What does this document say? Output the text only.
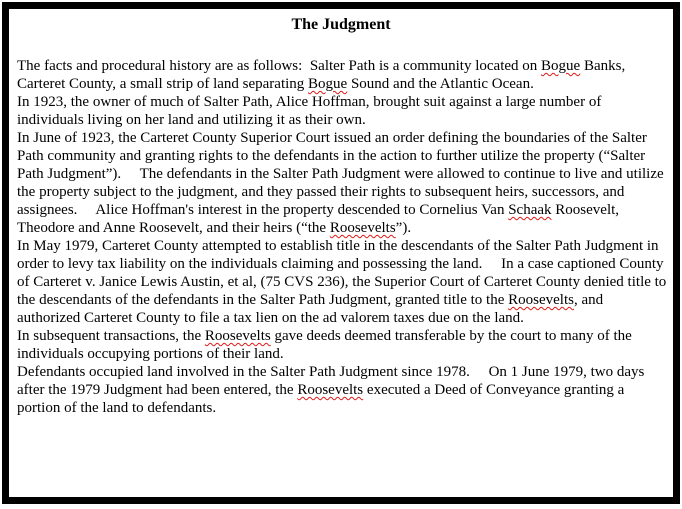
The Judgment

The facts and procedural history are as follows:  Salter Path is a community located on Bogue Banks, Carteret County, a small strip of land separating Bogue Sound and the Atlantic Ocean.

In 1923, the owner of much of Salter Path, Alice Hoffman, brought suit against a large number of individuals living on her land and utilizing it as their own.

In June of 1923, the Carteret County Superior Court issued an order defining the boundaries of the Salter Path community and granting rights to the defendants in the action to further utilize the property (“Salter Path Judgment”).     The defendants in the Salter Path Judgment were allowed to continue to live and utilize the property subject to the judgment, and they passed their rights to subsequent heirs, successors, and assignees.     Alice Hoffman's interest in the property descended to Cornelius Van Schaak Roosevelt, Theodore and Anne Roosevelt, and their heirs (“the Roosevelts”).

In May 1979, Carteret County attempted to establish title in the descendants of the Salter Path Judgment in order to levy tax liability on the individuals claiming and possessing the land.     In a case captioned County of Carteret v. Janice Lewis Austin, et al, (75 CVS 236), the Superior Court of Carteret County denied title to the descendants of the defendants in the Salter Path Judgment, granted title to the Roosevelts, and authorized Carteret County to file a tax lien on the ad valorem taxes due on the land.

In subsequent transactions, the Roosevelts gave deeds deemed transferable by the court to many of the individuals occupying portions of their land.

Defendants occupied land involved in the Salter Path Judgment since 1978.     On 1 June 1979, two days after the 1979 Judgment had been entered, the Roosevelts executed a Deed of Conveyance granting a portion of the land to defendants.
